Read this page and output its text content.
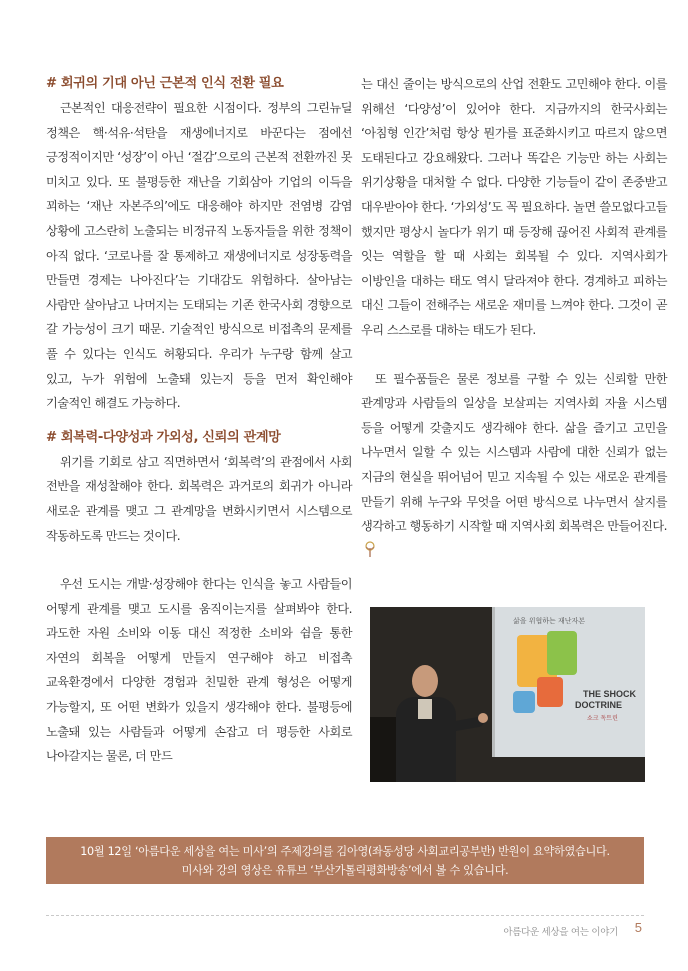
# 회귀의 기대 아닌 근본적 인식 전환 필요

근본적인 대응전략이 필요한 시점이다. 정부의 그린뉴딜 정책은 핵·석유·석탄을 재생에너지로 바꾼다는 점에선 긍정적이지만 ‘성장’이 아닌 ‘절감’으로의 근본적 전환까진 못 미치고 있다. 또 불평등한 재난을 기회삼아 기업의 이득을 꾀하는 ‘재난 자본주의’에도 대응해야 하지만 전염병 감염 상황에 고스란히 노출되는 비정규직 노동자들을 위한 정책이 아직 없다. ‘코로나를 잘 통제하고 재생에너지로 성장동력을 만들면 경제는 나아진다’는 기대감도 위험하다. 살아남는 사람만 살아남고 나머지는 도태되는 기존 한국사회 경향으로 갈 가능성이 크기 때문. 기술적인 방식으로 비접촉의 문제를 풀 수 있다는 인식도 허황되다. 우리가 누구랑 함께 살고 있고, 누가 위험에 노출돼 있는지 등을 먼저 확인해야 기술적인 해결도 가능하다.

# 회복력-다양성과 가외성, 신뢰의 관계망

위기를 기회로 삼고 직면하면서 ‘회복력’의 관점에서 사회 전반을 재성찰해야 한다. 회복력은 과거로의 회귀가 아니라 새로운 관계를 맺고 그 관계망을 변화시키면서 시스템으로 작동하도록 만드는 것이다.

우선 도시는 개발·성장해야 한다는 인식을 놓고 사람들이 어떻게 관계를 맺고 도시를 움직이는지를 살펴봐야 한다. 과도한 자원 소비와 이동 대신 적정한 소비와 쉼을 통한 자연의 회복을 어떻게 만들지 연구해야 하고 비접촉 교육환경에서 다양한 경험과 친밀한 관계 형성은 어떻게 가능할지, 또 어떤 변화가 있을지 생각해야 한다. 불평등에 노출돼 있는 사람들과 어떻게 손잡고 더 평등한 사회로 나아갈지는 물론, 더 만드

는 대신 줄이는 방식으로의 산업 전환도 고민해야 한다. 이를 위해선 ‘다양성’이 있어야 한다. 지금까지의 한국사회는 ‘아침형 인간’처럼 항상 뭔가를 표준화시키고 따르지 않으면 도태된다고 강요해왔다. 그러나 똑같은 기능만 하는 사회는 위기상황을 대처할 수 없다. 다양한 기능들이 같이 존중받고 대우받아야 한다. ‘가외성’도 꼭 필요하다. 놀면 쓸모없다고들 했지만 평상시 놀다가 위기 때 등장해 끊어진 사회적 관계를 잇는 역할을 할 때 사회는 회복될 수 있다. 지역사회가 이방인을 대하는 태도 역시 달라져야 한다. 경계하고 피하는 대신 그들이 전해주는 새로운 재미를 느껴야 한다. 그것이 곧 우리 스스로를 대하는 태도가 된다.

또 필수품들은 물론 정보를 구할 수 있는 신뢰할 만한 관계망과 사람들의 일상을 보살피는 지역사회 자율 시스템 등을 어떻게 갖출지도 생각해야 한다. 삶을 즐기고 고민을 나누면서 일할 수 있는 시스템과 사람에 대한 신뢰가 없는 지금의 현실을 뛰어넘어 믿고 지속될 수 있는 새로운 관계를 만들기 위해 누구와 무엇을 어떤 방식으로 나누면서 살지를 생각하고 행동하기 시작할 때 지역사회 회복력은 만들어진다.

삶을 위협하는 재난자본
THE SHOCK
DOCTRINE
쇼크 독트린
10월 12일 ‘아름다운 세상을 여는 미사’의 주제강의를 김아영(좌동성당 사회교리공부반) 반원이 요약하였습니다.
미사와 강의 영상은 유튜브 ‘부산가톨릭평화방송’에서 볼 수 있습니다.
아름다운 세상을 여는 이야기 5
